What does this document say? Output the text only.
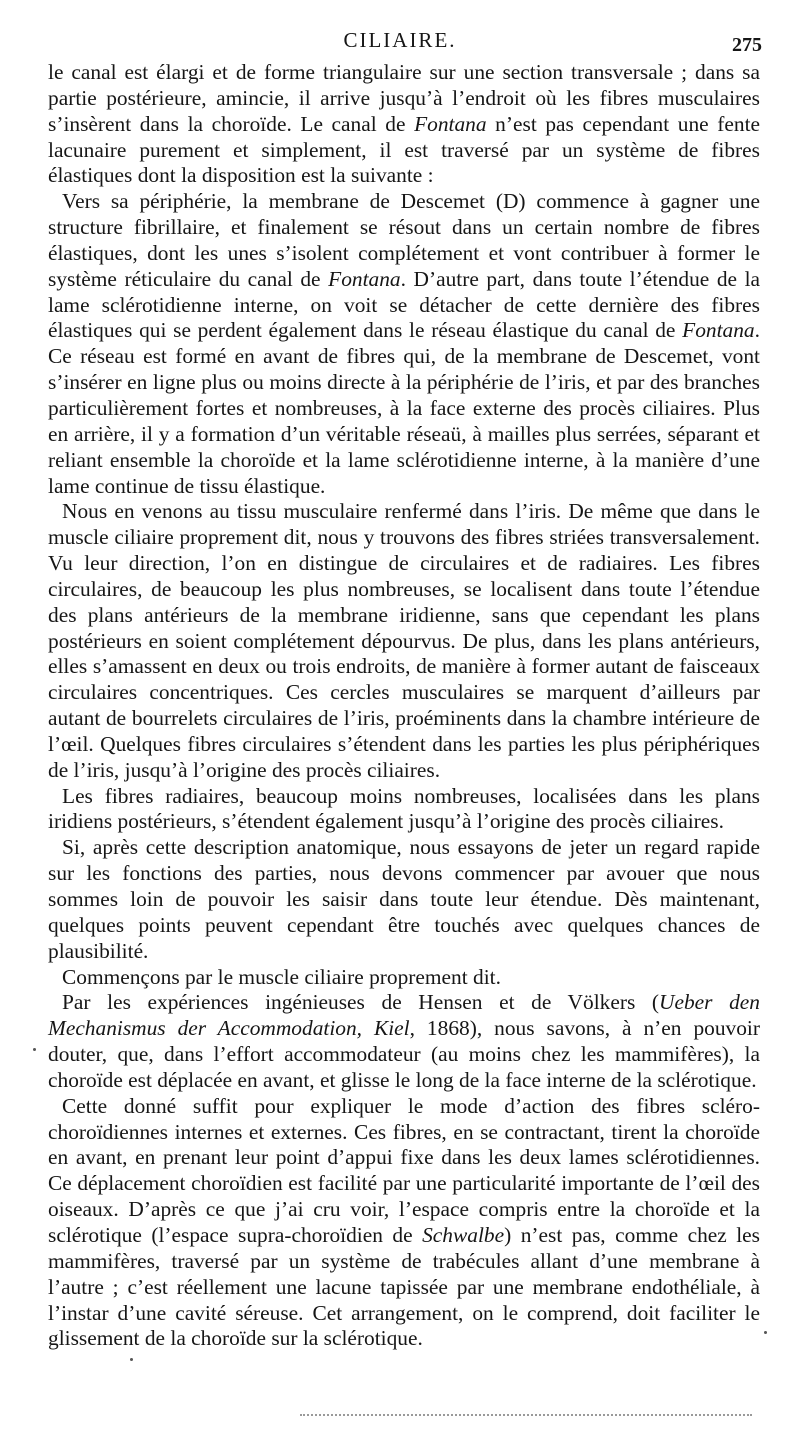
CILIAIRE.	275

le canal est élargi et de forme triangulaire sur une section transversale ; dans sa partie postérieure, amincie, il arrive jusqu’à l’endroit où les fibres musculaires s’insèrent dans la choroïde. Le canal de Fontana n’est pas cependant une fente lacunaire purement et simplement, il est traversé par un système de fibres élastiques dont la disposition est la suivante :

Vers sa périphérie, la membrane de Descemet (D) commence à gagner une structure fibrillaire, et finalement se résout dans un certain nombre de fibres élastiques, dont les unes s’isolent complétement et vont contribuer à former le système réticulaire du canal de Fontana. D’autre part, dans toute l’étendue de la lame sclérotidienne interne, on voit se détacher de cette dernière des fibres élastiques qui se perdent également dans le réseau élastique du canal de Fontana. Ce réseau est formé en avant de fibres qui, de la membrane de Descemet, vont s’insérer en ligne plus ou moins directe à la périphérie de l’iris, et par des branches particulièrement fortes et nombreuses, à la face externe des procès ciliaires. Plus en arrière, il y a formation d’un véritable réseaü, à mailles plus serrées, séparant et reliant ensemble la choroïde et la lame sclérotidienne interne, à la manière d’une lame continue de tissu élastique.

Nous en venons au tissu musculaire renfermé dans l’iris. De même que dans le muscle ciliaire proprement dit, nous y trouvons des fibres striées transversalement. Vu leur direction, l’on en distingue de circulaires et de radiaires. Les fibres circulaires, de beaucoup les plus nombreuses, se localisent dans toute l’étendue des plans antérieurs de la membrane iridienne, sans que cependant les plans postérieurs en soient complétement dépourvus. De plus, dans les plans antérieurs, elles s’amassent en deux ou trois endroits, de manière à former autant de faisceaux circulaires concentriques. Ces cercles musculaires se marquent d’ailleurs par autant de bourrelets circulaires de l’iris, proéminents dans la chambre intérieure de l’œil. Quelques fibres circulaires s’étendent dans les parties les plus périphériques de l’iris, jusqu’à l’origine des procès ciliaires.

Les fibres radiaires, beaucoup moins nombreuses, localisées dans les plans iridiens postérieurs, s’étendent également jusqu’à l’origine des procès ciliaires.

Si, après cette description anatomique, nous essayons de jeter un regard rapide sur les fonctions des parties, nous devons commencer par avouer que nous sommes loin de pouvoir les saisir dans toute leur étendue. Dès maintenant, quelques points peuvent cependant être touchés avec quelques chances de plausibilité.

Commençons par le muscle ciliaire proprement dit.

Par les expériences ingénieuses de Hensen et de Völkers (Ueber den Mechanismus der Accommodation, Kiel, 1868), nous savons, à n’en pouvoir douter, que, dans l’effort accommodateur (au moins chez les mammifères), la choroïde est déplacée en avant, et glisse le long de la face interne de la sclérotique.

Cette donné suffit pour expliquer le mode d’action des fibres scléro-choroïdiennes internes et externes. Ces fibres, en se contractant, tirent la choroïde en avant, en prenant leur point d’appui fixe dans les deux lames sclérotidiennes. Ce déplacement choroïdien est facilité par une particularité importante de l’œil des oiseaux. D’après ce que j’ai cru voir, l’espace compris entre la choroïde et la sclérotique (l’espace supra-choroïdien de Schwalbe) n’est pas, comme chez les mammifères, traversé par un système de trabécules allant d’une membrane à l’autre ; c’est réellement une lacune tapissée par une membrane endothéliale, à l’instar d’une cavité séreuse. Cet arrangement, on le comprend, doit faciliter le glissement de la choroïde sur la sclérotique.
